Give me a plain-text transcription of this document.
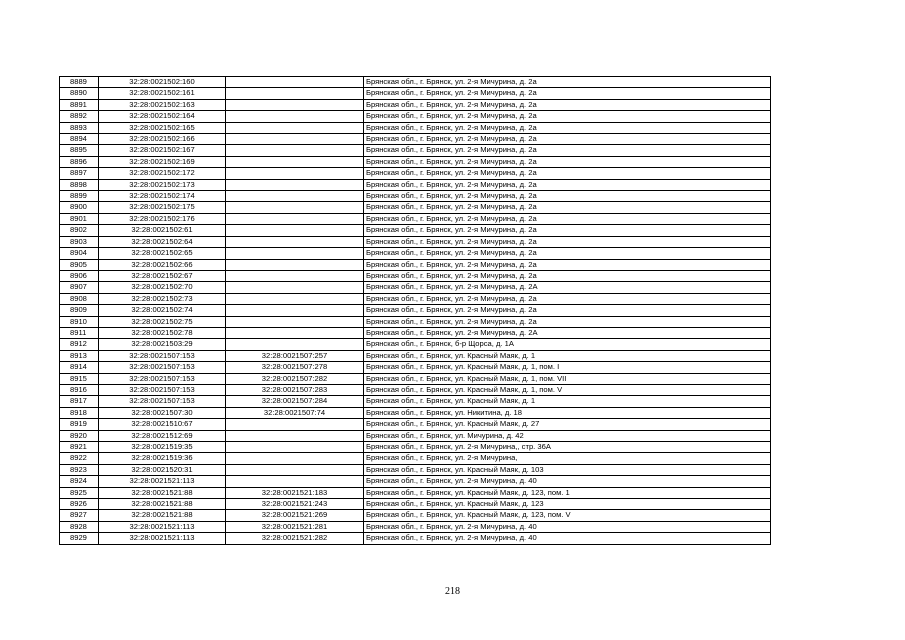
8889	32:28:0021502:160		Брянская обл., г. Брянск, ул. 2-я Мичурина, д. 2а
8890	32:28:0021502:161		Брянская обл., г. Брянск, ул. 2-я Мичурина, д. 2а
8891	32:28:0021502:163		Брянская обл., г. Брянск, ул. 2-я Мичурина, д. 2а
8892	32:28:0021502:164		Брянская обл., г. Брянск, ул. 2-я Мичурина, д. 2а
8893	32:28:0021502:165		Брянская обл., г. Брянск, ул. 2-я Мичурина, д. 2а
8894	32:28:0021502:166		Брянская обл., г. Брянск, ул. 2-я Мичурина, д. 2а
8895	32:28:0021502:167		Брянская обл., г. Брянск, ул. 2-я Мичурина, д. 2а
8896	32:28:0021502:169		Брянская обл., г. Брянск, ул. 2-я Мичурина, д. 2а
8897	32:28:0021502:172		Брянская обл., г. Брянск, ул. 2-я Мичурина, д. 2а
8898	32:28:0021502:173		Брянская обл., г. Брянск, ул. 2-я Мичурина, д. 2а
8899	32:28:0021502:174		Брянская обл., г. Брянск, ул. 2-я Мичурина, д. 2а
8900	32:28:0021502:175		Брянская обл., г. Брянск, ул. 2-я Мичурина, д. 2а
8901	32:28:0021502:176		Брянская обл., г. Брянск, ул. 2-я Мичурина, д. 2а
8902	32:28:0021502:61		Брянская обл., г. Брянск, ул. 2-я Мичурина, д. 2а
8903	32:28:0021502:64		Брянская обл., г. Брянск, ул. 2-я Мичурина, д. 2а
8904	32:28:0021502:65		Брянская обл., г. Брянск, ул. 2-я Мичурина, д. 2а
8905	32:28:0021502:66		Брянская обл., г. Брянск, ул. 2-я Мичурина, д. 2а
8906	32:28:0021502:67		Брянская обл., г. Брянск, ул. 2-я Мичурина, д. 2а
8907	32:28:0021502:70		Брянская обл., г. Брянск, ул. 2-я Мичурина, д. 2А
8908	32:28:0021502:73		Брянская обл., г. Брянск, ул. 2-я Мичурина, д. 2а
8909	32:28:0021502:74		Брянская обл., г. Брянск, ул. 2-я Мичурина, д. 2а
8910	32:28:0021502:75		Брянская обл., г. Брянск, ул. 2-я Мичурина, д. 2а
8911	32:28:0021502:78		Брянская обл., г. Брянск, ул. 2-я Мичурина, д. 2А
8912	32:28:0021503:29		Брянская обл., г. Брянск, б-р Щорса, д. 1А
8913	32:28:0021507:153	32:28:0021507:257	Брянская обл., г. Брянск, ул. Красный Маяк, д. 1
8914	32:28:0021507:153	32:28:0021507:278	Брянская обл., г. Брянск, ул. Красный Маяк, д. 1, пом. I
8915	32:28:0021507:153	32:28:0021507:282	Брянская обл., г. Брянск, ул. Красный Маяк, д. 1, пом. VII
8916	32:28:0021507:153	32:28:0021507:283	Брянская обл., г. Брянск, ул. Красный Маяк, д. 1, пом. V
8917	32:28:0021507:153	32:28:0021507:284	Брянская обл., г. Брянск, ул. Красный Маяк, д. 1
8918	32:28:0021507:30	32:28:0021507:74	Брянская обл., г. Брянск, ул. Никитина, д. 18
8919	32:28:0021510:67		Брянская обл., г. Брянск, ул. Красный Маяк, д. 27
8920	32:28:0021512:69		Брянская обл., г. Брянск, ул. Мичурина, д. 42
8921	32:28:0021519:35		Брянская обл., г. Брянск, ул. 2-я Мичурина,, стр. 36А
8922	32:28:0021519:36		Брянская обл., г. Брянск, ул. 2-я Мичурина,
8923	32:28:0021520:31		Брянская обл., г. Брянск, ул. Красный Маяк, д. 103
8924	32:28:0021521:113		Брянская обл., г. Брянск, ул. 2-я Мичурина, д. 40
8925	32:28:0021521:88	32:28:0021521:183	Брянская обл., г. Брянск, ул. Красный Маяк, д. 123, пом. 1
8926	32:28:0021521:88	32:28:0021521:243	Брянская обл., г. Брянск, ул. Красный Маяк, д. 123
8927	32:28:0021521:88	32:28:0021521:269	Брянская обл., г. Брянск, ул. Красный Маяк, д. 123, пом. V
8928	32:28:0021521:113	32:28:0021521:281	Брянская обл., г. Брянск, ул. 2-я Мичурина, д. 40
8929	32:28:0021521:113	32:28:0021521:282	Брянская обл., г. Брянск, ул. 2-я Мичурина, д. 40
218
